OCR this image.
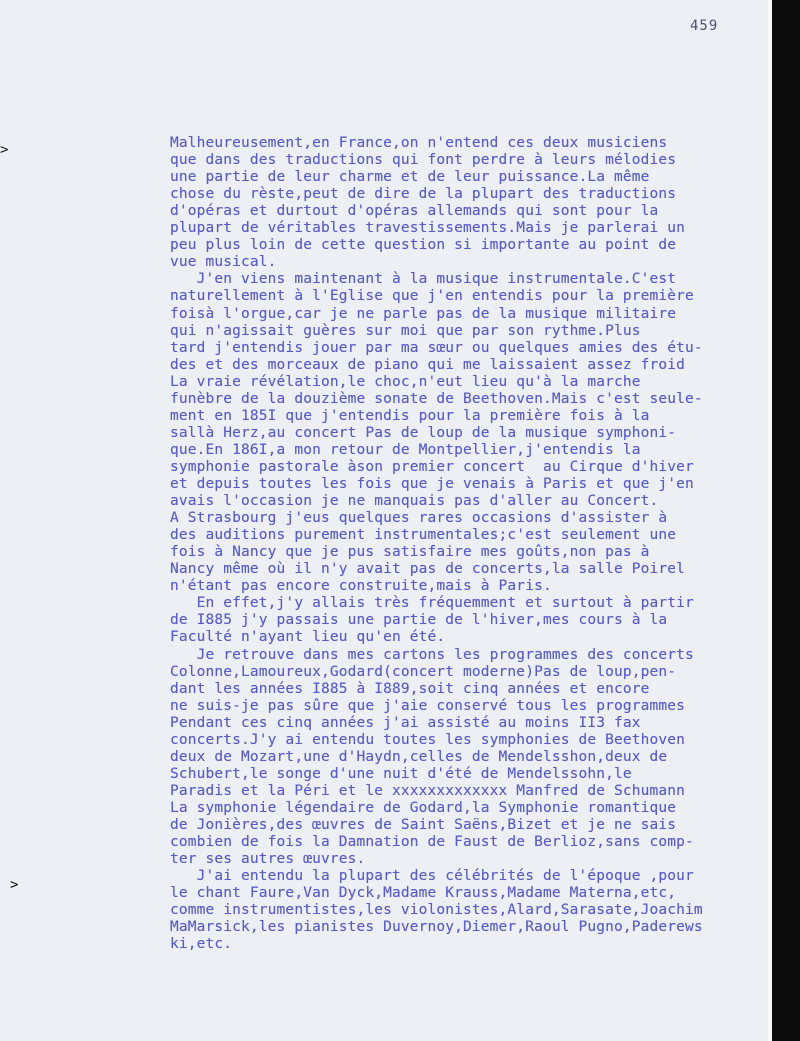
459
>
>
Malheureusement,en France,on n'entend ces deux musiciens
que dans des traductions qui font perdre à leurs mélodies
une partie de leur charme et de leur puissance.La même
chose du rèste,peut de dire de la plupart des traductions
d'opéras et durtout d'opéras allemands qui sont pour la
plupart de véritables travestissements.Mais je parlerai un
peu plus loin de cette question si importante au point de
vue musical.
J'en viens maintenant à la musique instrumentale.C'est
naturellement à l'Eglise que j'en entendis pour la première
foisà l'orgue,car je ne parle pas de la musique militaire
qui n'agissait guères sur moi que par son rythme.Plus
tard j'entendis jouer par ma sœur ou quelques amies des étu-
des et des morceaux de piano qui me laissaient assez froid
La vraie révélation,le choc,n'eut lieu qu'à la marche
funèbre de la douzième sonate de Beethoven.Mais c'est seule-
ment en 185I que j'entendis pour la première fois à la
sallà Herz,au concert Pas de loup de la musique symphoni-
que.En 186I,a mon retour de Montpellier,j'entendis la
symphonie pastorale àson premier concert  au Cirque d'hiver
et depuis toutes les fois que je venais à Paris et que j'en
avais l'occasion je ne manquais pas d'aller au Concert.
A Strasbourg j'eus quelques rares occasions d'assister à
des auditions purement instrumentales;c'est seulement une
fois à Nancy que je pus satisfaire mes goûts,non pas à
Nancy même où il n'y avait pas de concerts,la salle Poirel
n'étant pas encore construite,mais à Paris.
En effet,j'y allais très fréquemment et surtout à partir
de I885 j'y passais une partie de l'hiver,mes cours à la
Faculté n'ayant lieu qu'en été.
Je retrouve dans mes cartons les programmes des concerts
Colonne,Lamoureux,Godard(concert moderne)Pas de loup,pen-
dant les années I885 à I889,soit cinq années et encore
ne suis-je pas sûre que j'aie conservé tous les programmes
Pendant ces cinq années j'ai assisté au moins II3 fax
concerts.J'y ai entendu toutes les symphonies de Beethoven
deux de Mozart,une d'Haydn,celles de Mendelsshon,deux de
Schubert,le songe d'une nuit d'été de Mendelssohn,le
Paradis et la Péri et le xxxxxxxxxxxxx Manfred de Schumann
La symphonie légendaire de Godard,la Symphonie romantique
de Jonières,des œuvres de Saint Saëns,Bizet et je ne sais
combien de fois la Damnation de Faust de Berlioz,sans comp-
ter ses autres œuvres.
J'ai entendu la plupart des célébrités de l'époque ,pour
le chant Faure,Van Dyck,Madame Krauss,Madame Materna,etc,
comme instrumentistes,les violonistes,Alard,Sarasate,Joachim
MaMarsick,les pianistes Duvernoy,Diemer,Raoul Pugno,Paderews
ki,etc.
